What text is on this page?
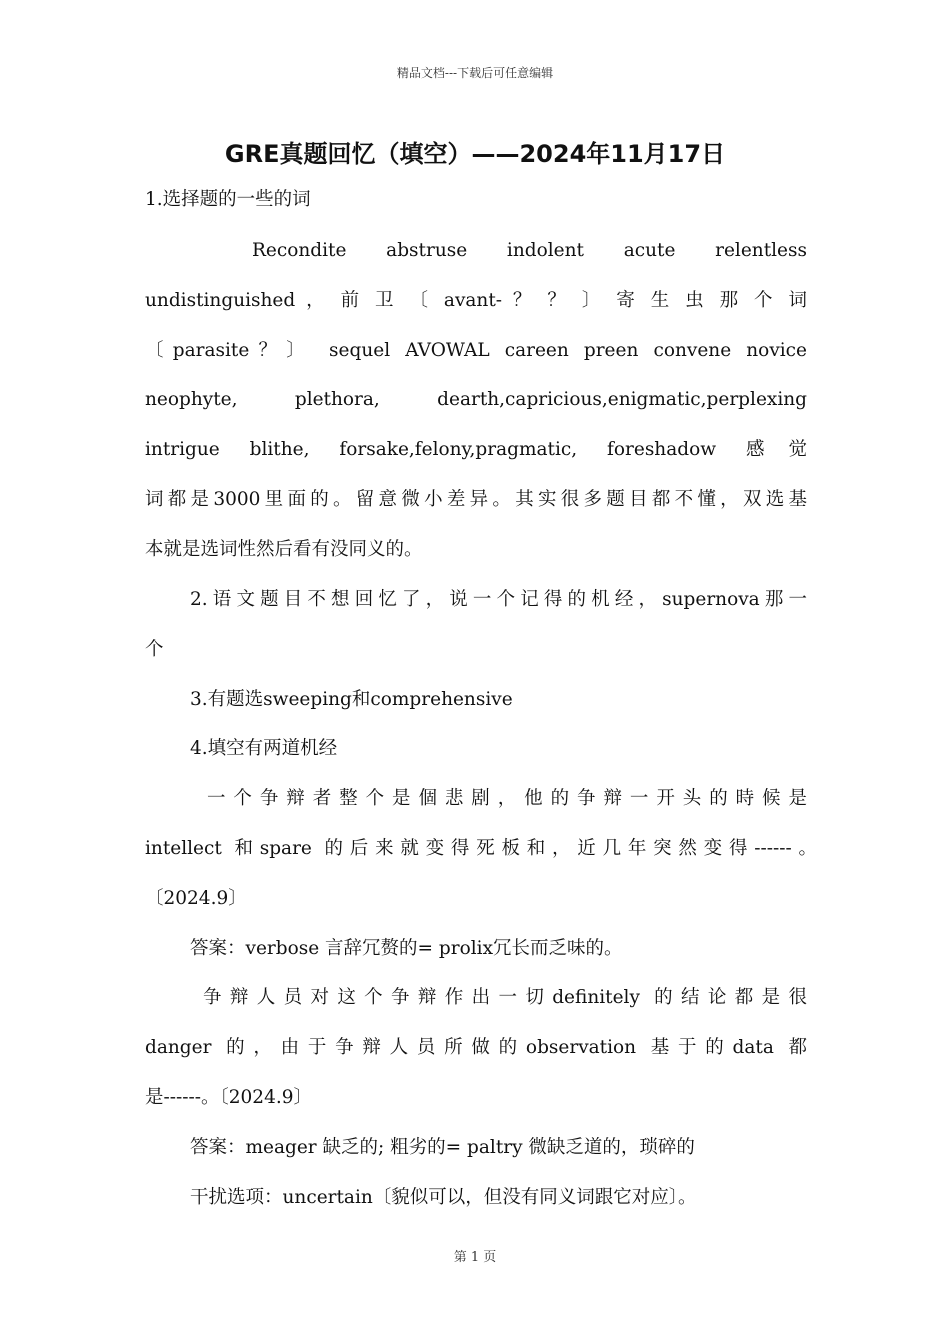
精品文档---下载后可任意编辑
GRE真题回忆（填空）——2024年11月17日
1.选择题的一些的词
Recondite abstruse indolent acute relentless
undistinguished ， 前 卫 〔 avant- ？ ？ 〕 寄 生 虫 那 个 词
〔parasite？〕 sequel AVOWAL careen preen convene novice
neophyte, plethora, dearth,capricious,enigmatic,perplexing
intrigue blithe, forsake,felony,pragmatic, foreshadow 感觉
词都是3000里面的。留意微小差异。其实很多题目都不懂，双选基
本就是选词性然后看有没同义的。
2.语文题目不想回忆了，说一个记得的机经，supernova那一
个
3.有题选sweeping和comprehensive
4.填空有两道机经
一个争辩者整个是個悲剧，他的争辩一开头的時候是
intellect 和spare 的后来就变得死板和，近几年突然变得------。
〔2024.9〕
答案：verbose 言辞冗赘的= prolix冗长而乏味的。
争辩人员对这个争辩作出一切definitely 的结论都是很
danger 的，由于争辩人员所做的observation 基于的data 都
是------。〔2024.9〕
答案：meager 缺乏的; 粗劣的= paltry 微缺乏道的，琐碎的
干扰选项：uncertain〔貌似可以，但没有同义词跟它对应〕。
第 1 页
